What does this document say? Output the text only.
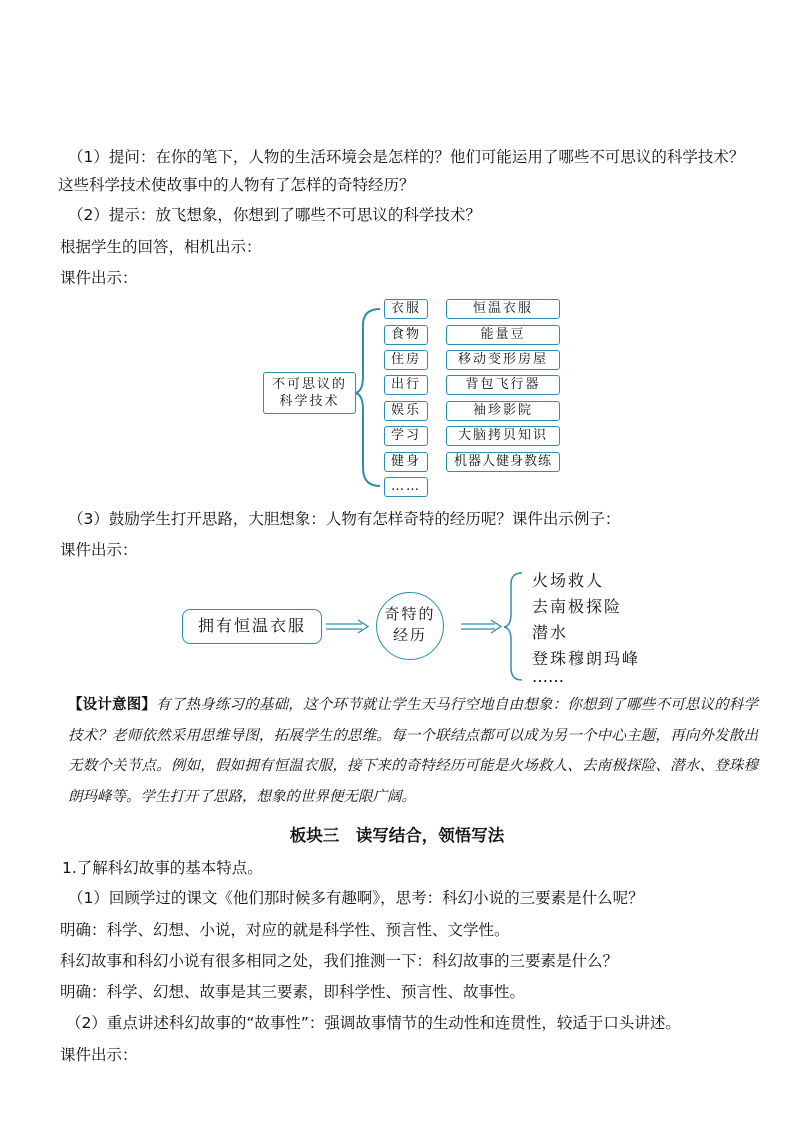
（1）提问：在你的笔下，人物的生活环境会是怎样的？他们可能运用了哪些不可思议的科学技术？
这些科学技术使故事中的人物有了怎样的奇特经历？
（2）提示：放飞想象，你想到了哪些不可思议的科学技术？
根据学生的回答，相机出示：
课件出示：
不可思议的
科学技术
衣服
食物
住房
出行
娱乐
学习
健身
……
恒温衣服
能量豆
移动变形房屋
背包飞行器
袖珍影院
大脑拷贝知识
机器人健身教练
（3）鼓励学生打开思路，大胆想象：人物有怎样奇特的经历呢？课件出示例子：
课件出示：
拥有恒温衣服
奇特的
经历
火场救人
去南极探险
潜水
登珠穆朗玛峰
……
【设计意图】有了热身练习的基础，这个环节就让学生天马行空地自由想象：你想到了哪些不可思议的科学技术？老师依然采用思维导图，拓展学生的思维。每一个联结点都可以成为另一个中心主题，再向外发散出无数个关节点。例如，假如拥有恒温衣服，接下来的奇特经历可能是火场救人、去南极探险、潜水、登珠穆朗玛峰等。学生打开了思路，想象的世界便无限广阔。
板块三　读写结合，领悟写法
1.了解科幻故事的基本特点。
（1）回顾学过的课文《他们那时候多有趣啊》，思考：科幻小说的三要素是什么呢？
明确：科学、幻想、小说，对应的就是科学性、预言性、文学性。
科幻故事和科幻小说有很多相同之处，我们推测一下：科幻故事的三要素是什么？
明确：科学、幻想、故事是其三要素，即科学性、预言性、故事性。
（2）重点讲述科幻故事的“故事性”：强调故事情节的生动性和连贯性，较适于口头讲述。
课件出示：
